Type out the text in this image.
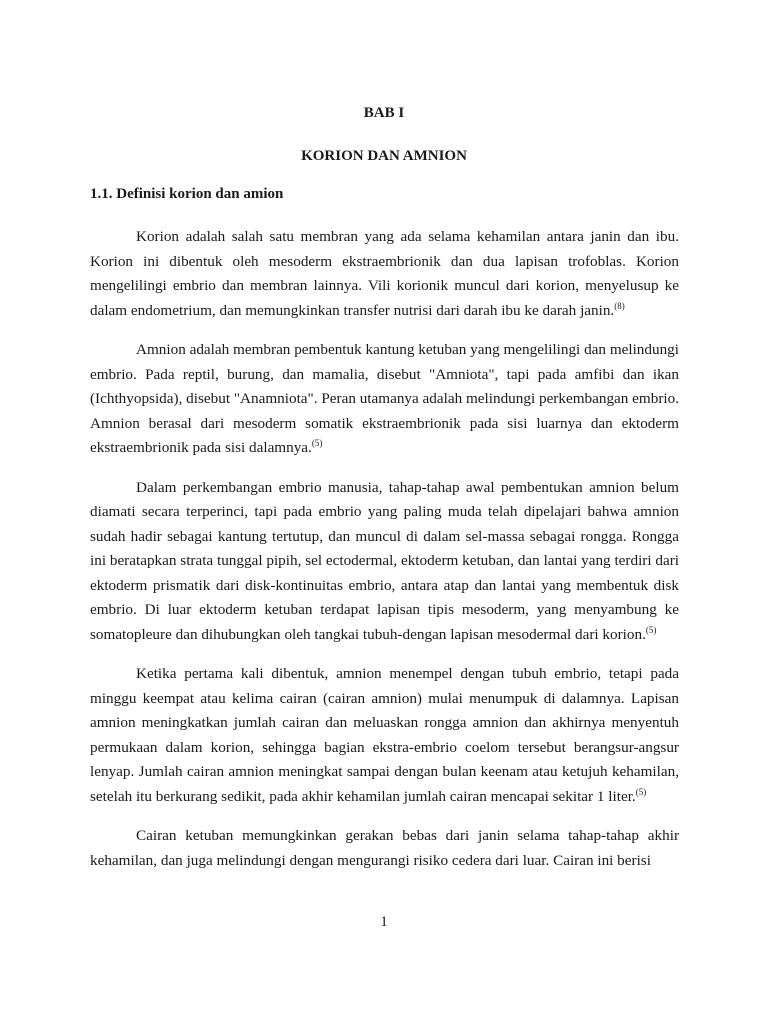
BAB I
KORION DAN AMNION
1.1. Definisi korion dan amion

Korion adalah salah satu membran yang ada selama kehamilan antara janin dan ibu. Korion ini dibentuk oleh mesoderm ekstraembrionik dan dua lapisan trofoblas. Korion mengelilingi embrio dan membran lainnya. Vili korionik muncul dari korion, menyelusup ke dalam endometrium, dan memungkinkan transfer nutrisi dari darah ibu ke darah janin.$^{(8)}$

Amnion adalah membran pembentuk kantung ketuban yang mengelilingi dan melindungi embrio. Pada reptil, burung, dan mamalia, disebut "Amniota", tapi pada amfibi dan ikan (Ichthyopsida), disebut "Anamniota". Peran utamanya adalah melindungi perkembangan embrio. Amnion berasal dari mesoderm somatik ekstraembrionik pada sisi luarnya dan ektoderm ekstraembrionik pada sisi dalamnya.$^{(5)}$

Dalam perkembangan embrio manusia, tahap-tahap awal pembentukan amnion belum diamati secara terperinci, tapi pada embrio yang paling muda telah dipelajari bahwa amnion sudah hadir sebagai kantung tertutup, dan muncul di dalam sel-massa sebagai rongga. Rongga ini beratapkan strata tunggal pipih, sel ectodermal, ektoderm ketuban, dan lantai yang terdiri dari ektoderm prismatik dari disk-kontinuitas embrio, antara atap dan lantai yang membentuk disk embrio. Di luar ektoderm ketuban terdapat lapisan tipis mesoderm, yang menyambung ke somatopleure dan dihubungkan oleh tangkai tubuh-dengan lapisan mesodermal dari korion.$^{(5)}$

Ketika pertama kali dibentuk, amnion menempel dengan tubuh embrio, tetapi pada minggu keempat atau kelima cairan (cairan amnion) mulai menumpuk di dalamnya. Lapisan amnion meningkatkan jumlah cairan dan meluaskan rongga amnion dan akhirnya menyentuh permukaan dalam korion, sehingga bagian ekstra-embrio coelom tersebut berangsur-angsur lenyap. Jumlah cairan amnion meningkat sampai dengan bulan keenam atau ketujuh kehamilan, setelah itu berkurang sedikit, pada akhir kehamilan jumlah cairan mencapai sekitar 1 liter.$^{(5)}$

Cairan ketuban memungkinkan gerakan bebas dari janin selama tahap-tahap akhir kehamilan, dan juga melindungi dengan mengurangi risiko cedera dari luar. Cairan ini berisi

1
